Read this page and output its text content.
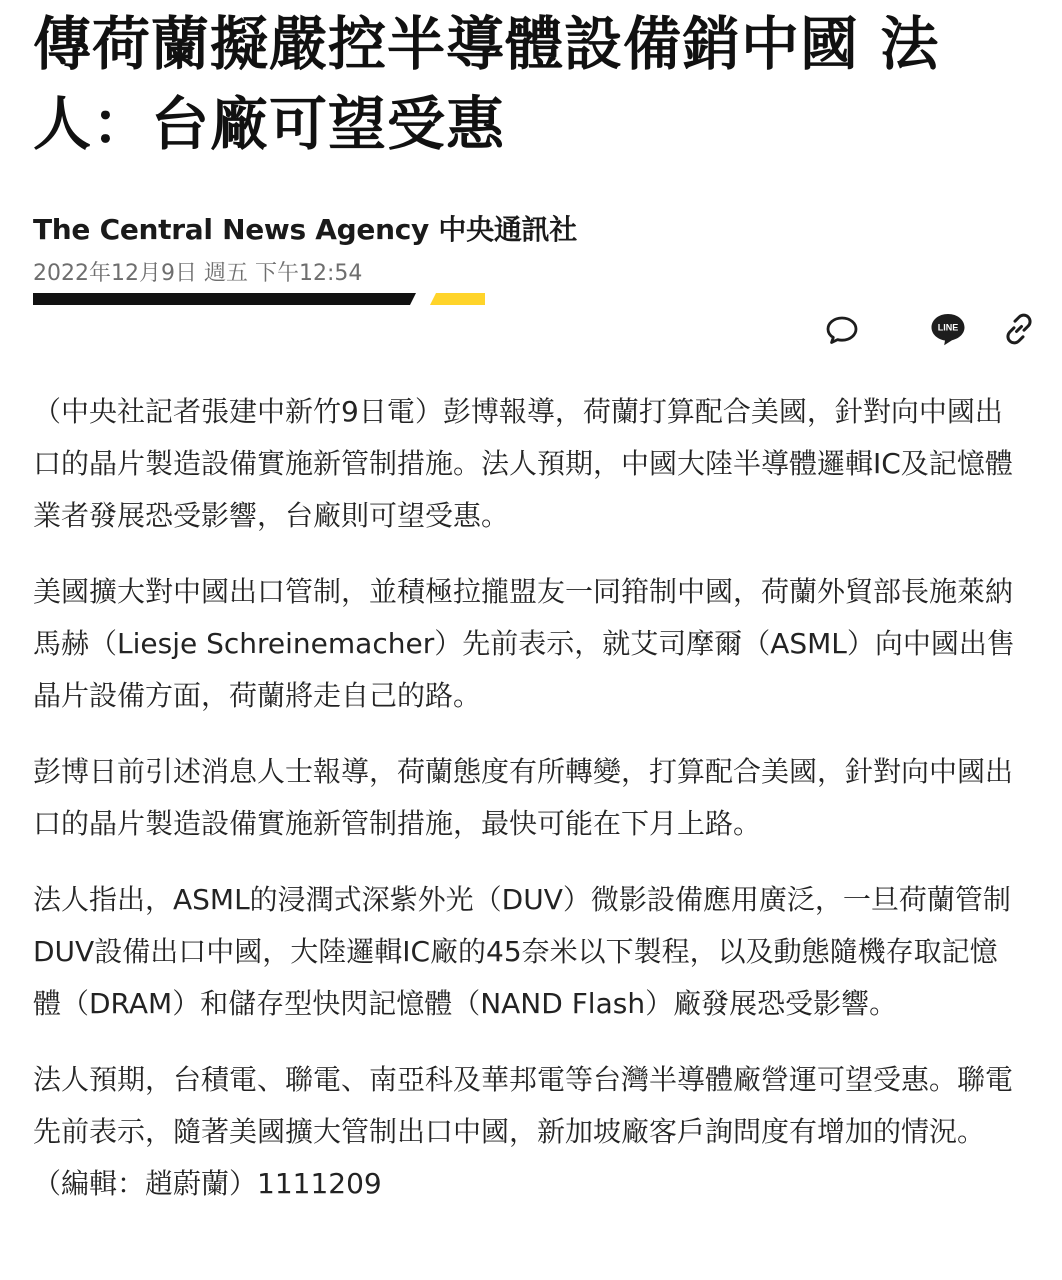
傳荷蘭擬嚴控半導體設備銷中國 法人：台廠可望受惠
The Central News Agency 中央通訊社
2022年12月9日 週五 下午12:54
LINE

（中央社記者張建中新竹9日電）彭博報導，荷蘭打算配合美國，針對向中國出口的晶片製造設備實施新管制措施。法人預期，中國大陸半導體邏輯IC及記憶體業者發展恐受影響，台廠則可望受惠。

美國擴大對中國出口管制，並積極拉攏盟友一同箝制中國，荷蘭外貿部長施萊納馬赫（Liesje Schreinemacher）先前表示，就艾司摩爾（ASML）向中國出售晶片設備方面，荷蘭將走自己的路。

彭博日前引述消息人士報導，荷蘭態度有所轉變，打算配合美國，針對向中國出口的晶片製造設備實施新管制措施，最快可能在下月上路。

法人指出，ASML的浸潤式深紫外光（DUV）微影設備應用廣泛，一旦荷蘭管制DUV設備出口中國，大陸邏輯IC廠的45奈米以下製程，以及動態隨機存取記憶體（DRAM）和儲存型快閃記憶體（NAND Flash）廠發展恐受影響。

法人預期，台積電、聯電、南亞科及華邦電等台灣半導體廠營運可望受惠。聯電先前表示，隨著美國擴大管制出口中國，新加坡廠客戶詢問度有增加的情況。（編輯：趙蔚蘭）1111209
